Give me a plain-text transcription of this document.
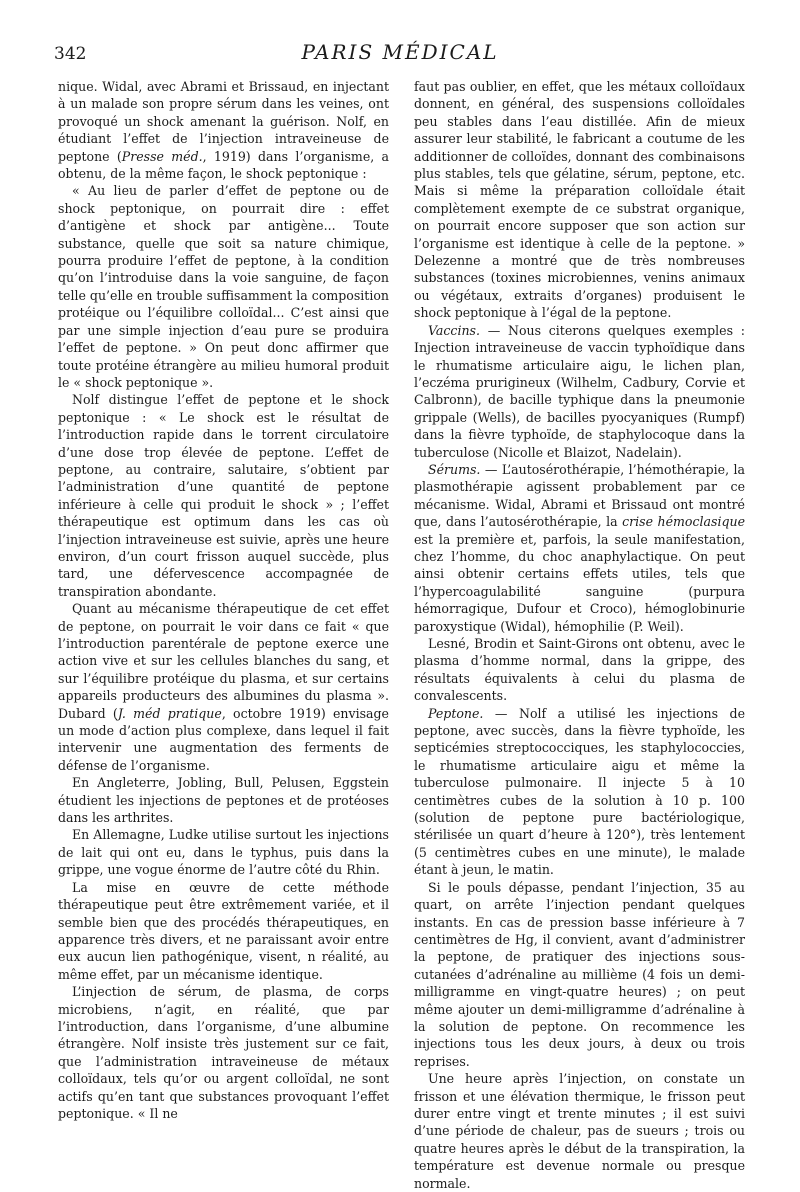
342	PARIS MÉDICAL

nique. Widal, avec Abrami et Brissaud, en injectant à un malade son propre sérum dans les veines, ont provoqué un shock amenant la guérison. Nolf, en étudiant l’effet de l’injection intraveineuse de peptone (Presse méd., 1919) dans l’organisme, a obtenu, de la même façon, le shock peptonique :

« Au lieu de parler d’effet de peptone ou de shock peptonique, on pourrait dire : effet d’antigène et shock par antigène... Toute substance, quelle que soit sa nature chimique, pourra produire l’effet de peptone, à la condition qu’on l’introduise dans la voie sanguine, de façon telle qu’elle en trouble suffisamment la composition protéique ou l’équilibre colloïdal... C’est ainsi que par une simple injection d’eau pure se produira l’effet de peptone. » On peut donc affirmer que toute protéine étrangère au milieu humoral produit le « shock peptonique ».

Nolf distingue l’effet de peptone et le shock peptonique : « Le shock est le résultat de l’introduction rapide dans le torrent circulatoire d’une dose trop élevée de peptone. L’effet de peptone, au contraire, salutaire, s’obtient par l’administration d’une quantité de peptone inférieure à celle qui produit le shock » ; l’effet thérapeutique est optimum dans les cas où l’injection intraveineuse est suivie, après une heure environ, d’un court frisson auquel succède, plus tard, une défervescence accompagnée de transpiration abondante.

Quant au mécanisme thérapeutique de cet effet de peptone, on pourrait le voir dans ce fait « que l’introduction parentérale de peptone exerce une action vive et sur les cellules blanches du sang, et sur l’équilibre protéique du plasma, et sur certains appareils producteurs des albumines du plasma ». Dubard (J. méd pratique, octobre 1919) envisage un mode d’action plus complexe, dans lequel il fait intervenir une augmentation des ferments de défense de l’organisme.

En Angleterre, Jobling, Bull, Pelusen, Eggstein étudient les injections de peptones et de protéoses dans les arthrites.

En Allemagne, Ludke utilise surtout les injections de lait qui ont eu, dans le typhus, puis dans la grippe, une vogue énorme de l’autre côté du Rhin.

La mise en œuvre de cette méthode thérapeutique peut être extrêmement variée, et il semble bien que des procédés thérapeutiques, en apparence très divers, et ne paraissant avoir entre eux aucun lien pathogénique, visent, n réalité, au même effet, par un mécanisme identique.

L’injection de sérum, de plasma, de corps microbiens, n’agit, en réalité, que par l’introduction, dans l’organisme, d’une albumine étrangère. Nolf insiste très justement sur ce fait, que l’administration intraveineuse de métaux colloïdaux, tels qu’or ou argent colloïdal, ne sont actifs qu’en tant que substances provoquant l’effet peptonique. « Il ne

faut pas oublier, en effet, que les métaux colloïdaux donnent, en général, des suspensions colloïdales peu stables dans l’eau distillée. Afin de mieux assurer leur stabilité, le fabricant a coutume de les additionner de colloïdes, donnant des combinaisons plus stables, tels que gélatine, sérum, peptone, etc. Mais si même la préparation colloïdale était complètement exempte de ce substrat organique, on pourrait encore supposer que son action sur l’organisme est identique à celle de la peptone. » Delezenne a montré que de très nombreuses substances (toxines microbiennes, venins animaux ou végétaux, extraits d’organes) produisent le shock peptonique à l’égal de la peptone.

Vaccins. — Nous citerons quelques exemples : Injection intraveineuse de vaccin typhoïdique dans le rhumatisme articulaire aigu, le lichen plan, l’eczéma prurigineux (Wilhelm, Cadbury, Corvie et Calbronn), de bacille typhique dans la pneumonie grippale (Wells), de bacilles pyocyaniques (Rumpf) dans la fièvre typhoïde, de staphylocoque dans la tuberculose (Nicolle et Blaizot, Nadelain).

Sérums. — L’autosérothérapie, l’hémothérapie, la plasmothérapie agissent probablement par ce mécanisme. Widal, Abrami et Brissaud ont montré que, dans l’autosérothérapie, la crise hémoclasique est la première et, parfois, la seule manifestation, chez l’homme, du choc anaphylactique. On peut ainsi obtenir certains effets utiles, tels que l’hypercoagulabilité sanguine (purpura hémorragique, Dufour et Croco), hémoglobinurie paroxystique (Widal), hémophilie (P. Weil).

Lesné, Brodin et Saint-Girons ont obtenu, avec le plasma d’homme normal, dans la grippe, des résultats équivalents à celui du plasma de convalescents.

Peptone. — Nolf a utilisé les injections de peptone, avec succès, dans la fièvre typhoïde, les septicémies streptococciques, les staphylococcies, le rhumatisme articulaire aigu et même la tuberculose pulmonaire. Il injecte 5 à 10 centimètres cubes de la solution à 10 p. 100 (solution de peptone pure bactériologique, stérilisée un quart d’heure à 120°), très lentement (5 centimètres cubes en une minute), le malade étant à jeun, le matin.

Si le pouls dépasse, pendant l’injection, 35 au quart, on arrête l’injection pendant quelques instants. En cas de pression basse inférieure à 7 centimètres de Hg, il convient, avant d’administrer la peptone, de pratiquer des injections sous-cutanées d’adrénaline au millième (4 fois un demi-milligramme en vingt-quatre heures) ; on peut même ajouter un demi-milligramme d’adrénaline à la solution de peptone. On recommence les injections tous les deux jours, à deux ou trois reprises.

Une heure après l’injection, on constate un frisson et une élévation thermique, le frisson peut durer entre vingt et trente minutes ; il est suivi d’une période de chaleur, pas de sueurs ; trois ou quatre heures après le début de la transpiration, la température est devenue normale ou presque normale.
